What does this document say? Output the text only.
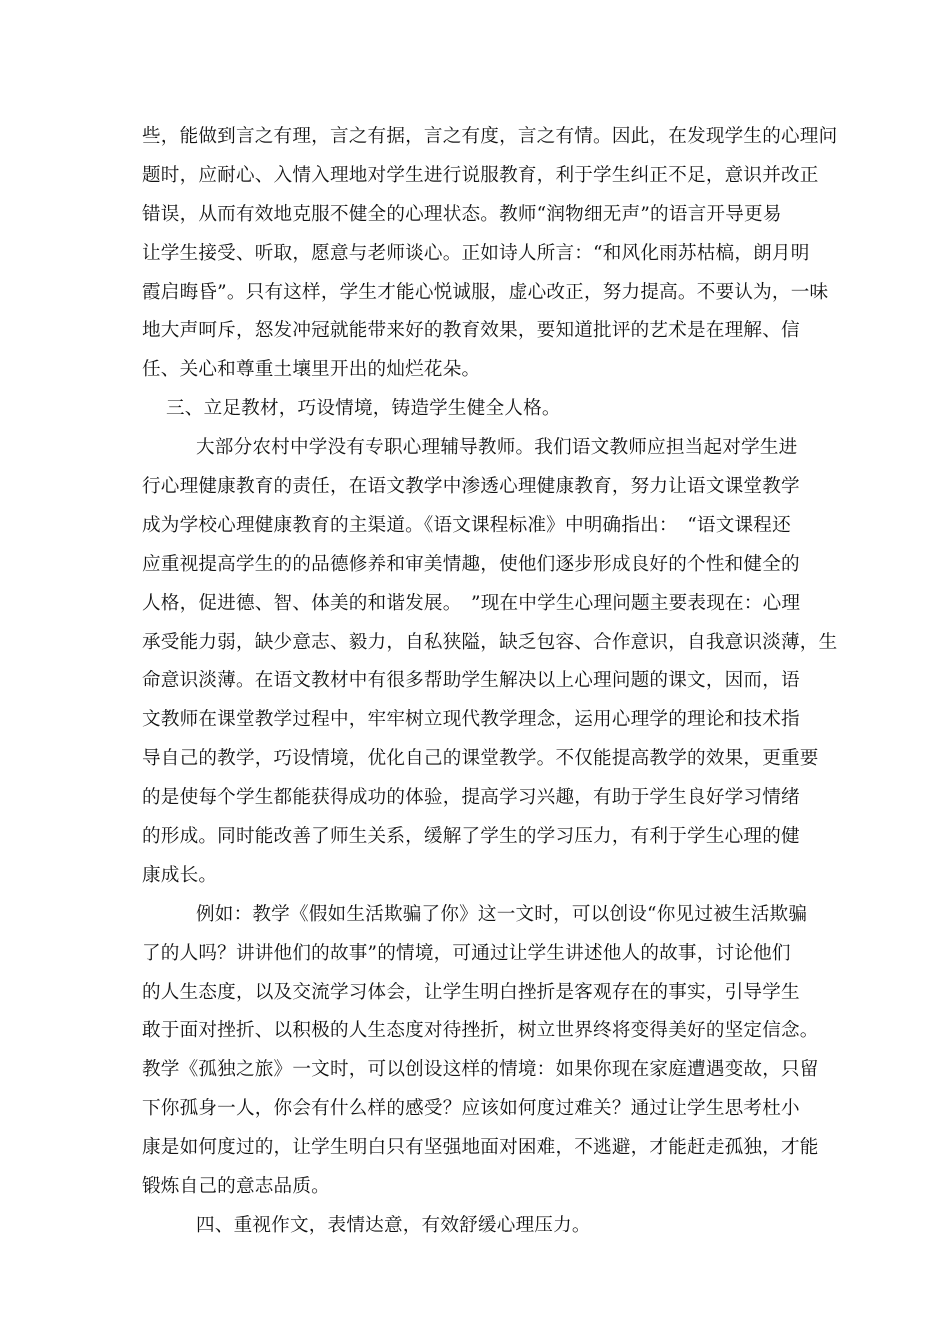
些，能做到言之有理，言之有据，言之有度，言之有情。因此，在发现学生的心理问
题时，应耐心、入情入理地对学生进行说服教育，利于学生纠正不足，意识并改正
错误，从而有效地克服不健全的心理状态。教师“润物细无声”的语言开导更易
让学生接受、听取，愿意与老师谈心。正如诗人所言：“和风化雨苏枯槁，朗月明
霞启晦昏”。只有这样，学生才能心悦诚服，虚心改正，努力提高。不要认为，一味
地大声呵斥，怒发冲冠就能带来好的教育效果，要知道批评的艺术是在理解、信
任、关心和尊重土壤里开出的灿烂花朵。
三、立足教材，巧设情境，铸造学生健全人格。
大部分农村中学没有专职心理辅导教师。我们语文教师应担当起对学生进
行心理健康教育的责任，在语文教学中渗透心理健康教育，努力让语文课堂教学
成为学校心理健康教育的主渠道。《语文课程标准》中明确指出：　“语文课程还
应重视提高学生的的品德修养和审美情趣，使他们逐步形成良好的个性和健全的
人格，促进德、智、体美的和谐发展。　”现在中学生心理问题主要表现在：心理
承受能力弱，缺少意志、毅力，自私狭隘，缺乏包容、合作意识，自我意识淡薄，生
命意识淡薄。在语文教材中有很多帮助学生解决以上心理问题的课文，因而，语
文教师在课堂教学过程中，牢牢树立现代教学理念，运用心理学的理论和技术指
导自己的教学，巧设情境，优化自己的课堂教学。不仅能提高教学的效果，更重要
的是使每个学生都能获得成功的体验，提高学习兴趣，有助于学生良好学习情绪
的形成。同时能改善了师生关系，缓解了学生的学习压力，有利于学生心理的健
康成长。
例如：教学《假如生活欺骗了你》这一文时，可以创设“你见过被生活欺骗
了的人吗？讲讲他们的故事”的情境，可通过让学生讲述他人的故事，讨论他们
的人生态度，以及交流学习体会，让学生明白挫折是客观存在的事实，引导学生
敢于面对挫折、以积极的人生态度对待挫折，树立世界终将变得美好的坚定信念。
教学《孤独之旅》一文时，可以创设这样的情境：如果你现在家庭遭遇变故，只留
下你孤身一人，你会有什么样的感受？应该如何度过难关？通过让学生思考杜小
康是如何度过的，让学生明白只有坚强地面对困难，不逃避，才能赶走孤独，才能
锻炼自己的意志品质。
四、重视作文，表情达意，有效舒缓心理压力。
